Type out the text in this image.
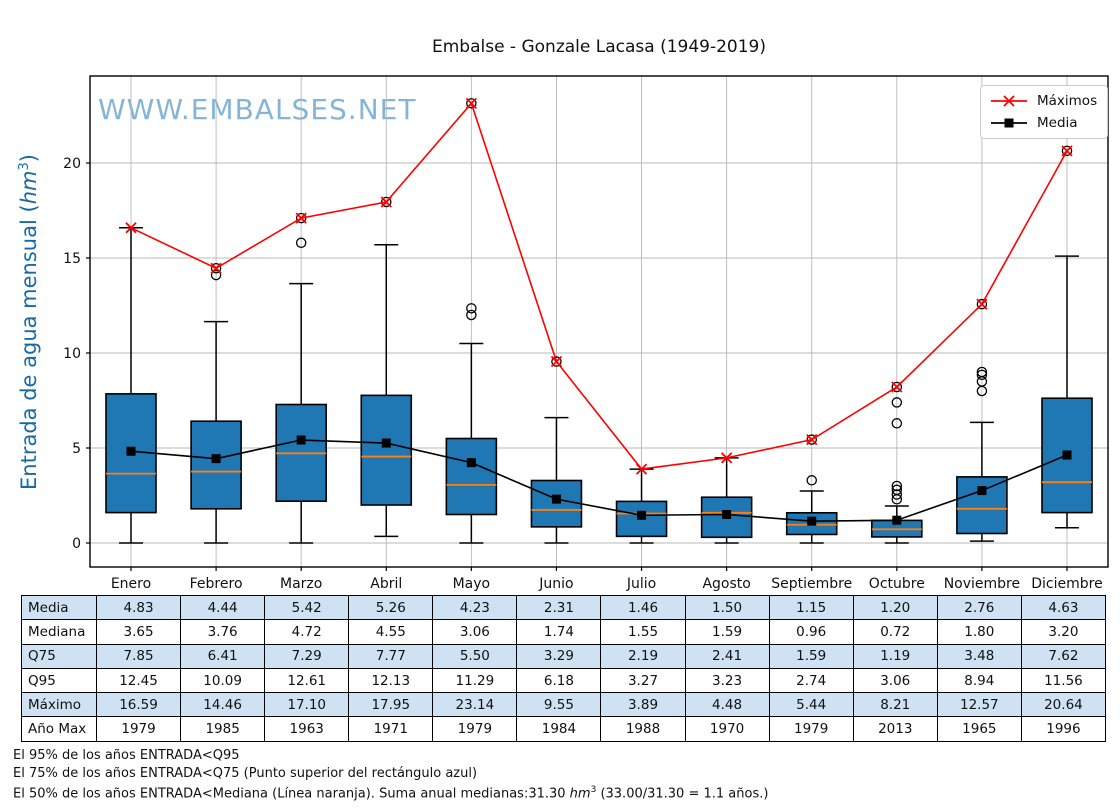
Embalse - Gonzale Lacasa (1949-2019)
WWW.EMBALSES.NET
Entrada de agua mensual $(hm^3)$
0
5
10
15
20
Enero	Febrero	Marzo	Abril	Mayo	Junio	Julio	Agosto Septiembre Octubre Noviembre Diciembre
Máximos
Media
Media	4.83	4.44	5.42	5.26	4.23	2.31	1.46	1.50	1.15	1.20	2.76	4.63
Mediana	3.65	3.76	4.72	4.55	3.06	1.74	1.55	1.59	0.96	0.72	1.80	3.20
Q75	7.85	6.41	7.29	7.77	5.50	3.29	2.19	2.41	1.59	1.19	3.48	7.62
Q95	12.45	10.09	12.61	12.13	11.29	6.18	3.27	3.23	2.74	3.06	8.94	11.56
Máximo	16.59	14.46	17.10	17.95	23.14	9.55	3.89	4.48	5.44	8.21	12.57	20.64
Año Max	1979	1985	1963	1971	1979	1984	1988	1970	1979	2013	1965	1996
El 95% de los años ENTRADA<Q95
El 75% de los años ENTRADA<Q75 (Punto superior del rectángulo azul)
El 50% de los años ENTRADA<Mediana (Línea naranja). Suma anual medianas:31.30 $hm^3$ (33.00/31.30 = 1.1 años.)
